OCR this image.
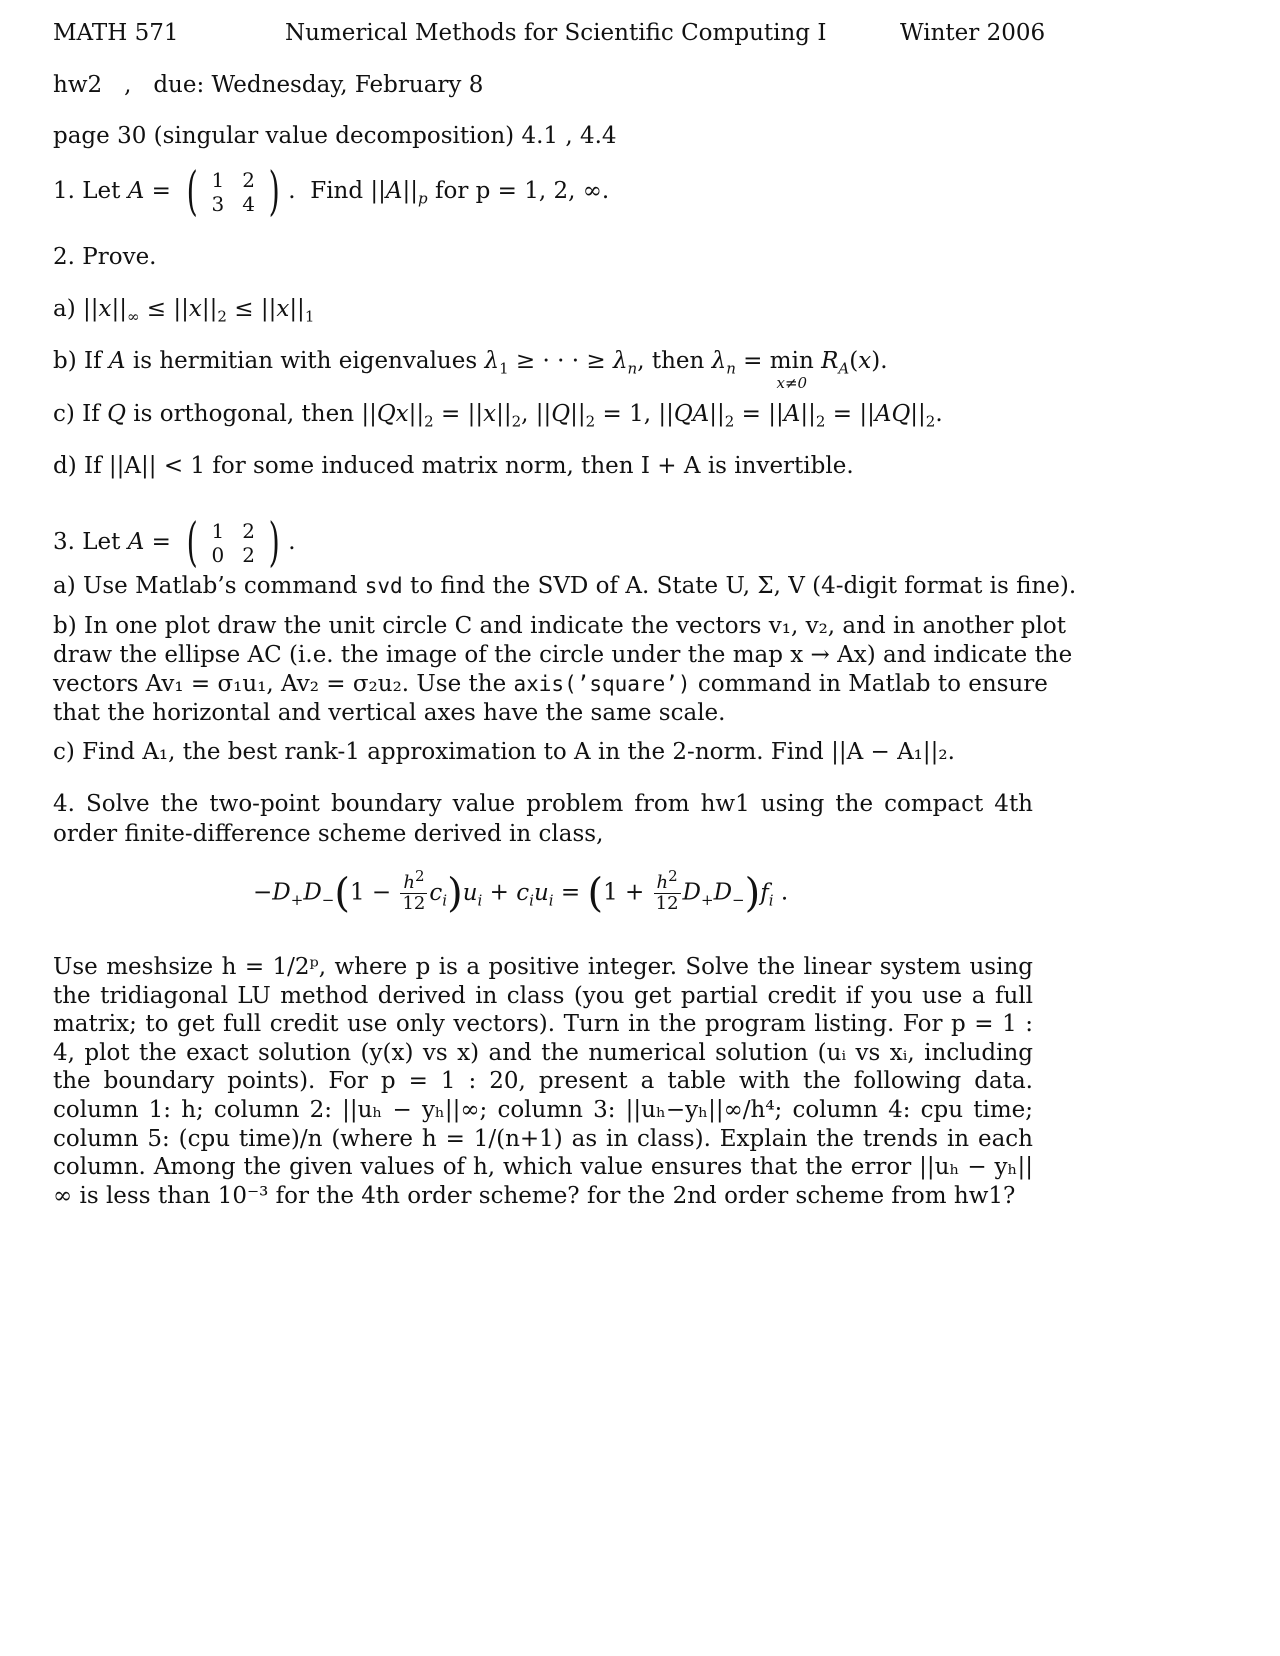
MATH 571	Numerical Methods for Scientific Computing I	Winter 2006
hw2 , due: Wednesday, February 8
page 30 (singular value decomposition) 4.1 , 4.4
1. Let A = ( 1	2
3	4 ) .  Find $||A||_p$ for p = 1, 2, ∞.
2. Prove.
a) $||x||_\infty \le ||x||_2 \le ||x||_1$
b) If A is hermitian with eigenvalues $\lambda_1$ ≥ · · · ≥ $\lambda_n$, then $\lambda_n = \min$
x≠0
$R_A(x)$.
c) If Q is orthogonal, then $||Qx||_2 = ||x||_2$, $||Q||_2 = 1$, $||QA||_2 = ||A||_2 = ||AQ||_2$.
d) If ||A|| < 1 for some induced matrix norm, then I + A is invertible.
3. Let A = ( 1	2
0	2 ) .
a) Use Matlab’s command svd to find the SVD of A. State U, Σ, V (4-digit format is fine).
b) In one plot draw the unit circle C and indicate the vectors v₁, v₂, and in another plot
draw the ellipse AC (i.e. the image of the circle under the map x → Ax) and indicate the
vectors Av₁ = σ₁u₁, Av₂ = σ₂u₂. Use the axis(’square’) command in Matlab to ensure
that the horizontal and vertical axes have the same scale.
c) Find A₁, the best rank-1 approximation to A in the 2-norm. Find ||A − A₁||₂.
4. Solve the two-point boundary value problem from hw1 using the compact 4th order finite-difference scheme derived in class,
$-D_+D_-(1 - \frac{h^2}{12} c_i)u_i + c_iu_i = (1 + \frac{h^2}{12} D_+D_-)f_i$ .
Use meshsize h = 1/2ᵖ, where p is a positive integer. Solve the linear system using the tridiagonal LU method derived in class (you get partial credit if you use a full matrix; to get full credit use only vectors). Turn in the program listing. For p = 1 : 4, plot the exact solution (y(x) vs x) and the numerical solution (uᵢ vs xᵢ, including the boundary points). For p = 1 : 20, present a table with the following data. column 1: h; column 2: ||uₕ − yₕ||∞; column 3: ||uₕ−yₕ||∞/h⁴; column 4: cpu time; column 5: (cpu time)/n (where h = 1/(n+1) as in class). Explain the trends in each column. Among the given values of h, which value ensures that the error ||uₕ − yₕ||∞ is less than 10⁻³ for the 4th order scheme? for the 2nd order scheme from hw1?
